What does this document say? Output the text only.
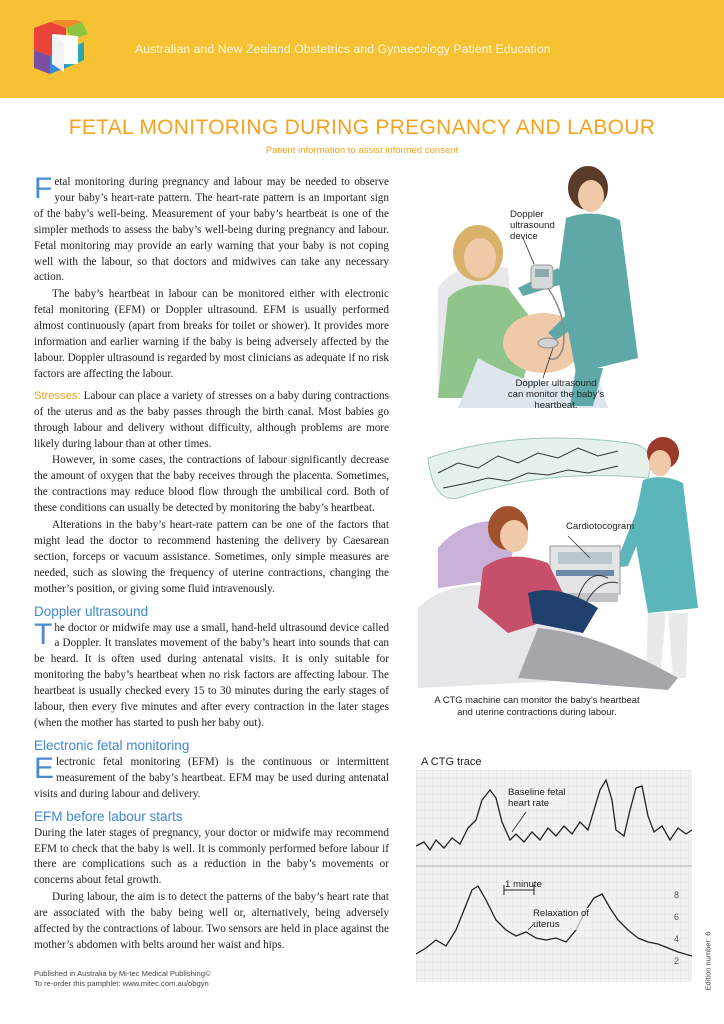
Australian and New Zealand Obstetrics and Gynaecology Patient Education
FETAL MONITORING DURING PREGNANCY AND LABOUR
Patient information to assist informed consent

Fetal monitoring during pregnancy and labour may be needed to observe your baby’s heart-rate pattern. The heart-rate pattern is an important sign of the baby’s well-being. Measurement of your baby’s heartbeat is one of the simpler methods to assess the baby’s well-being during pregnancy and labour. Fetal monitoring may provide an early warning that your baby is not coping well with the labour, so that doctors and midwives can take any necessary action.

The baby’s heartbeat in labour can be monitored either with electronic fetal monitoring (EFM) or Doppler ultrasound. EFM is usually performed almost continuously (apart from breaks for toilet or shower). It provides more information and earlier warning if the baby is being adversely affected by the labour. Doppler ultrasound is regarded by most clinicians as adequate if no risk factors are affecting the labour.

Stresses: Labour can place a variety of stresses on a baby during contractions of the uterus and as the baby passes through the birth canal. Most babies go through labour and delivery without difficulty, although problems are more likely during labour than at other times.

However, in some cases, the contractions of labour significantly decrease the amount of oxygen that the baby receives through the placenta. Sometimes, the contractions may reduce blood flow through the umbilical cord. Both of these conditions can usually be detected by monitoring the baby’s heartbeat.

Alterations in the baby’s heart-rate pattern can be one of the factors that might lead the doctor to recommend hastening the delivery by Caesarean section, forceps or vacuum assistance. Sometimes, only simple measures are needed, such as slowing the frequency of uterine contractions, changing the mother’s position, or giving some fluid intravenously.

Doppler ultrasound

The doctor or midwife may use a small, hand-held ultrasound device called a Doppler. It translates movement of the baby’s heart into sounds that can be heard. It is often used during antenatal visits. It is only suitable for monitoring the baby’s heartbeat when no risk factors are affecting labour. The heartbeat is usually checked every 15 to 30 minutes during the early stages of labour, then every five minutes and after every contraction in the later stages (when the mother has started to push her baby out).

Electronic fetal monitoring

Electronic fetal monitoring (EFM) is the continuous or intermittent measurement of the baby’s heartbeat. EFM may be used during antenatal visits and during labour and delivery.

EFM before labour starts

During the later stages of pregnancy, your doctor or midwife may recommend EFM to check that the baby is well. It is commonly performed before labour if there are complications such as a reduction in the baby’s movements or concerns about fetal growth.

During labour, the aim is to detect the patterns of the baby’s heart rate that are associated with the baby being well or, alternatively, being adversely affected by the contractions of labour. Two sensors are held in place against the mother’s abdomen with belts around her waist and hips.

Doppler
ultrasound
device
Doppler ultrasound
can monitor the baby’s
heartbeat.
Cardiotocogram
A CTG machine can monitor the baby’s heartbeat
and uterine contractions during labour.
A CTG trace
8
6
4
2
Baseline fetal
heart rate
1 minute
Relaxation of
uterus
Published in Australia by Mi-tec Medical Publishing©
To re-order this pamphlet: www.mitec.com.au/obgyn	Edition number: 6
